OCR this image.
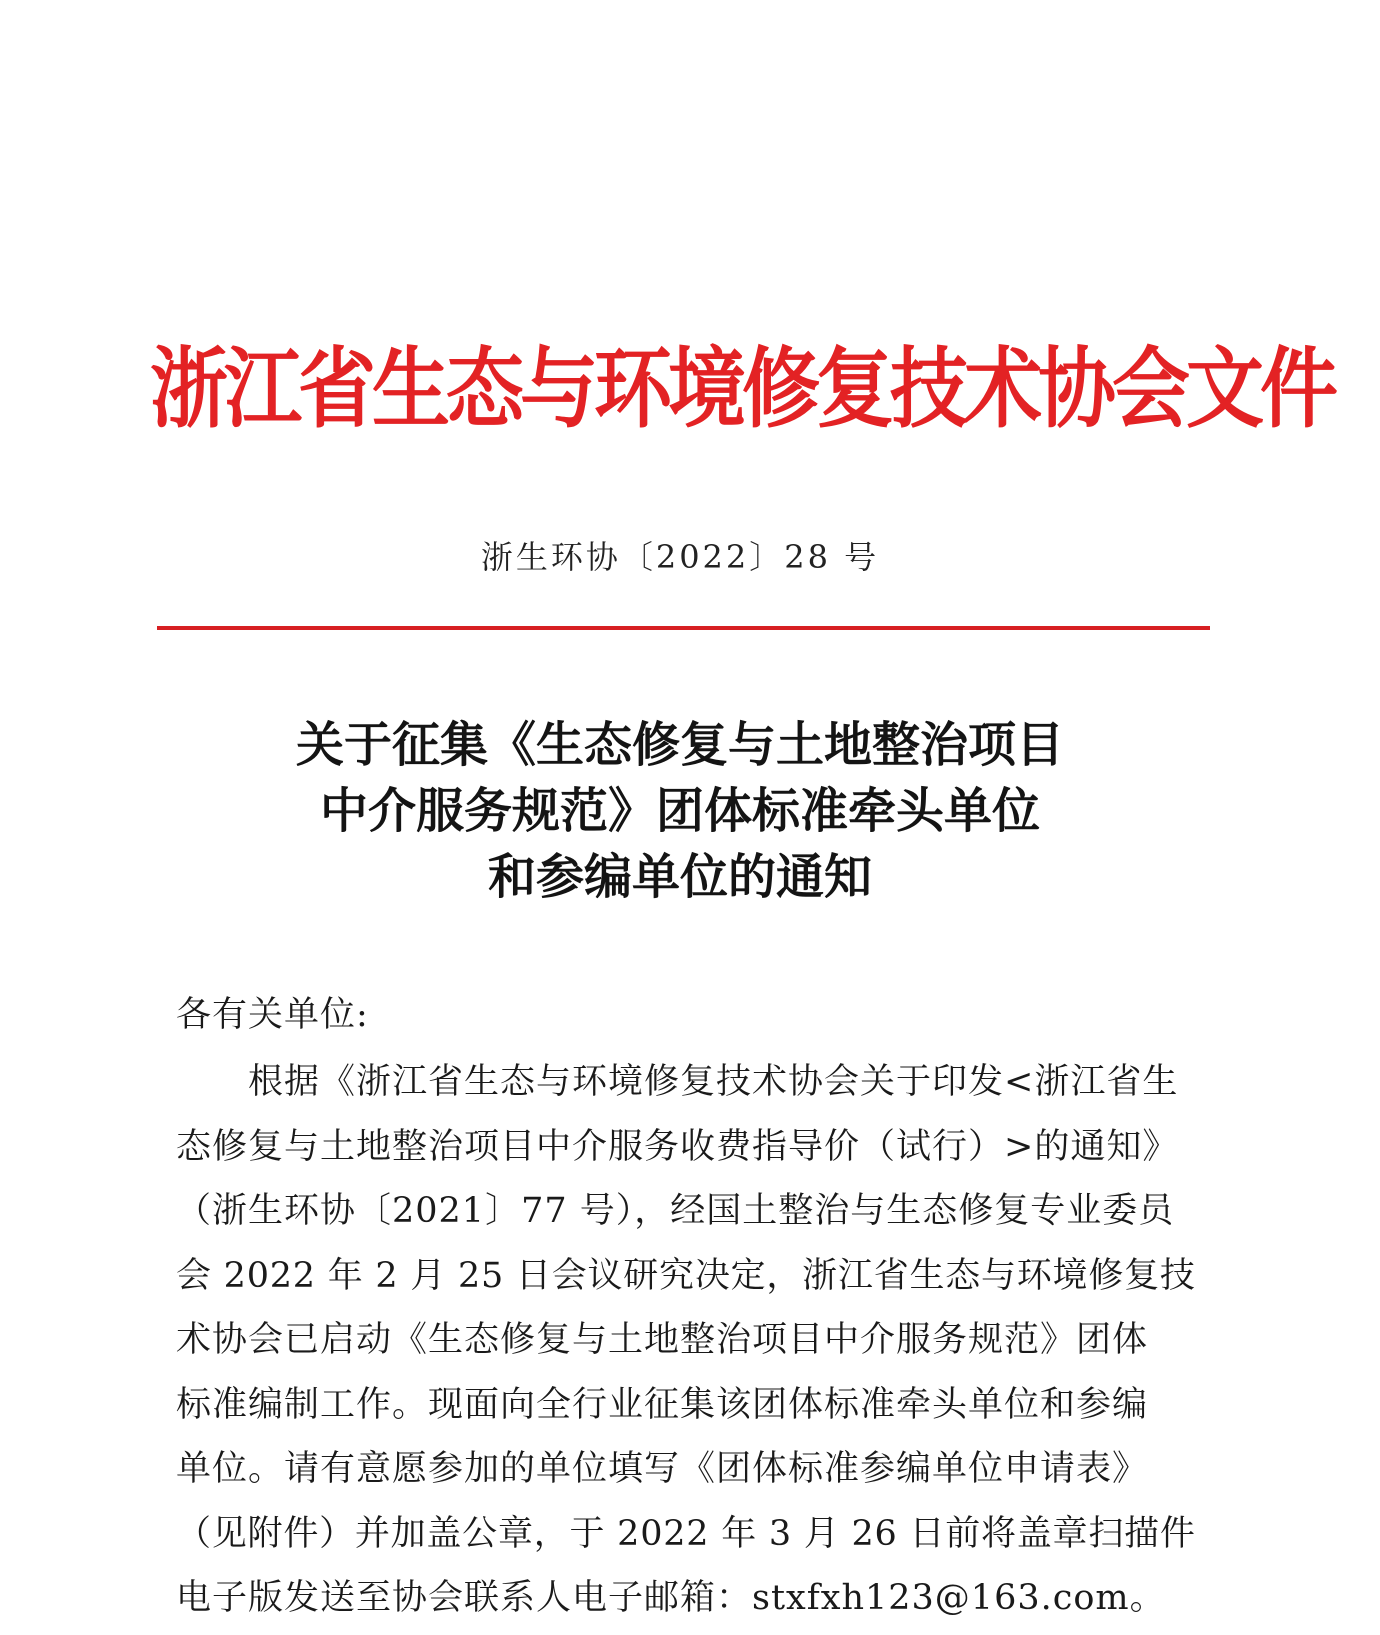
浙江省生态与环境修复技术协会文件
浙生环协〔2022〕28 号
关于征集《生态修复与土地整治项目
中介服务规范》团体标准牵头单位
和参编单位的通知
各有关单位:
　　根据《浙江省生态与环境修复技术协会关于印发<浙江省生
态修复与土地整治项目中介服务收费指导价（试行）>的通知》
（浙生环协〔2021〕77 号），经国土整治与生态修复专业委员
会 2022 年 2 月 25 日会议研究决定，浙江省生态与环境修复技
术协会已启动《生态修复与土地整治项目中介服务规范》团体
标准编制工作。现面向全行业征集该团体标准牵头单位和参编
单位。请有意愿参加的单位填写《团体标准参编单位申请表》
（见附件）并加盖公章，于 2022 年 3 月 26 日前将盖章扫描件
电子版发送至协会联系人电子邮箱：stxfxh123@163.com。
